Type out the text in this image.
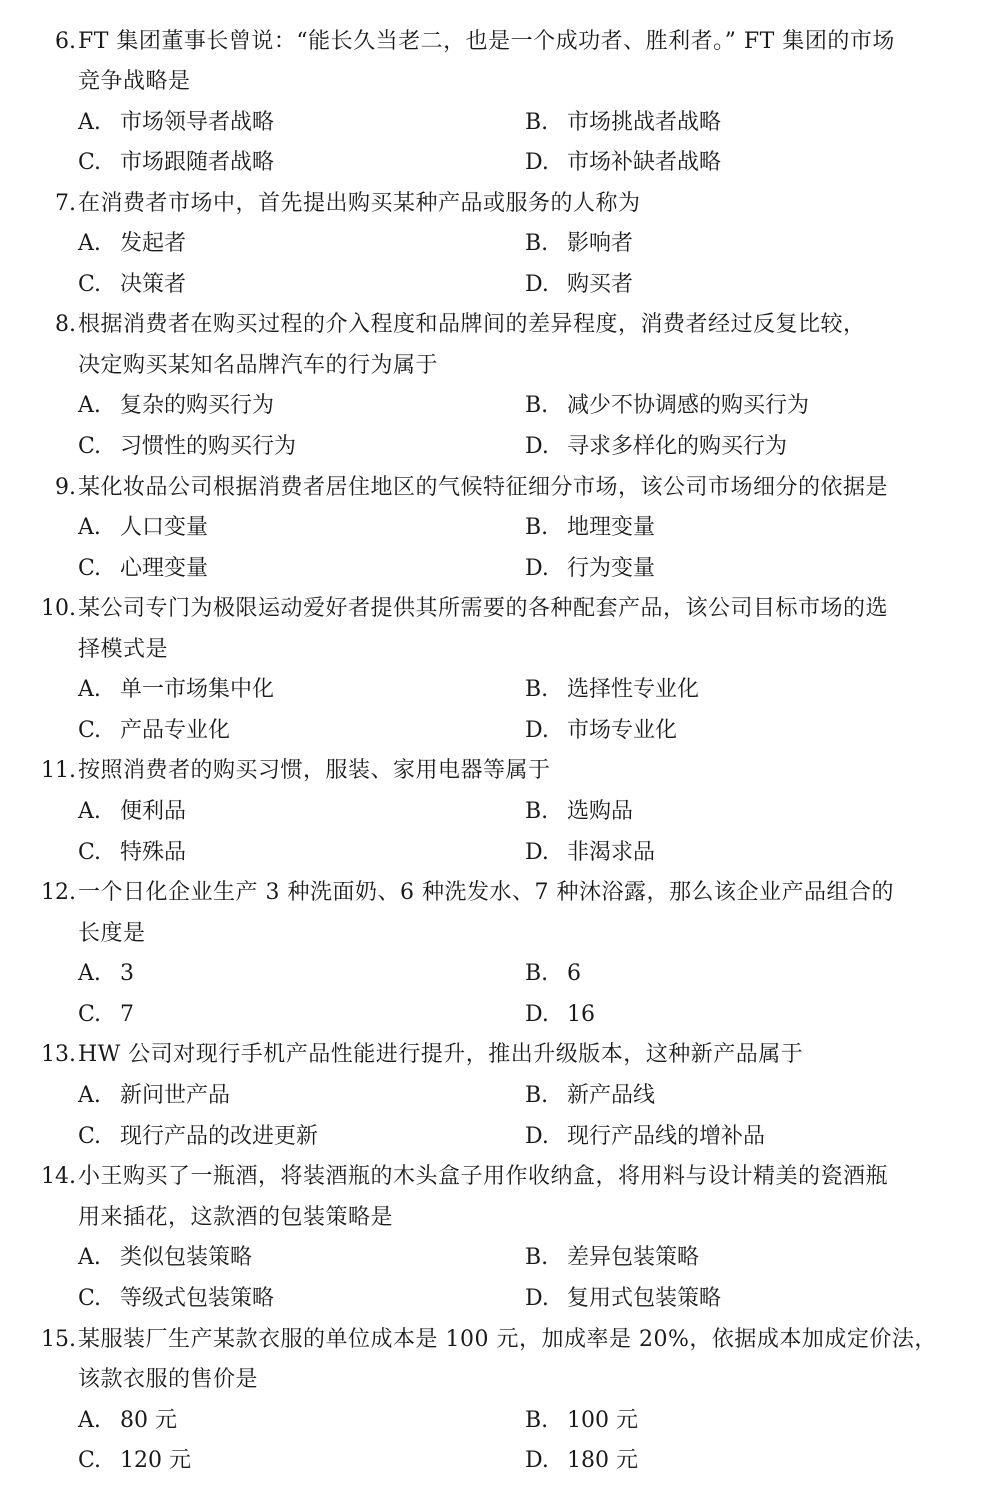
6. FT 集团董事长曾说：“能长久当老二，也是一个成功者、胜利者。” FT 集团的市场
竞争战略是
A. 市场领导者战略	B. 市场挑战者战略
C. 市场跟随者战略	D. 市场补缺者战略
7. 在消费者市场中，首先提出购买某种产品或服务的人称为
A. 发起者	B. 影响者
C. 决策者	D. 购买者
8. 根据消费者在购买过程的介入程度和品牌间的差异程度，消费者经过反复比较，
决定购买某知名品牌汽车的行为属于
A. 复杂的购买行为	B. 减少不协调感的购买行为
C. 习惯性的购买行为	D. 寻求多样化的购买行为
9. 某化妆品公司根据消费者居住地区的气候特征细分市场，该公司市场细分的依据是
A. 人口变量	B. 地理变量
C. 心理变量	D. 行为变量
10. 某公司专门为极限运动爱好者提供其所需要的各种配套产品，该公司目标市场的选
择模式是
A. 单一市场集中化	B. 选择性专业化
C. 产品专业化	D. 市场专业化
11. 按照消费者的购买习惯，服装、家用电器等属于
A. 便利品	B. 选购品
C. 特殊品	D. 非渴求品
12. 一个日化企业生产 3 种洗面奶、6 种洗发水、7 种沐浴露，那么该企业产品组合的
长度是
A. 3	B. 6
C. 7	D. 16
13. HW 公司对现行手机产品性能进行提升，推出升级版本，这种新产品属于
A. 新问世产品	B. 新产品线
C. 现行产品的改进更新	D. 现行产品线的增补品
14. 小王购买了一瓶酒，将装酒瓶的木头盒子用作收纳盒，将用料与设计精美的瓷酒瓶
用来插花，这款酒的包装策略是
A. 类似包装策略	B. 差异包装策略
C. 等级式包装策略	D. 复用式包装策略
15. 某服装厂生产某款衣服的单位成本是 100 元，加成率是 20%，依据成本加成定价法，
该款衣服的售价是
A. 80 元	B. 100 元
C. 120 元	D. 180 元
